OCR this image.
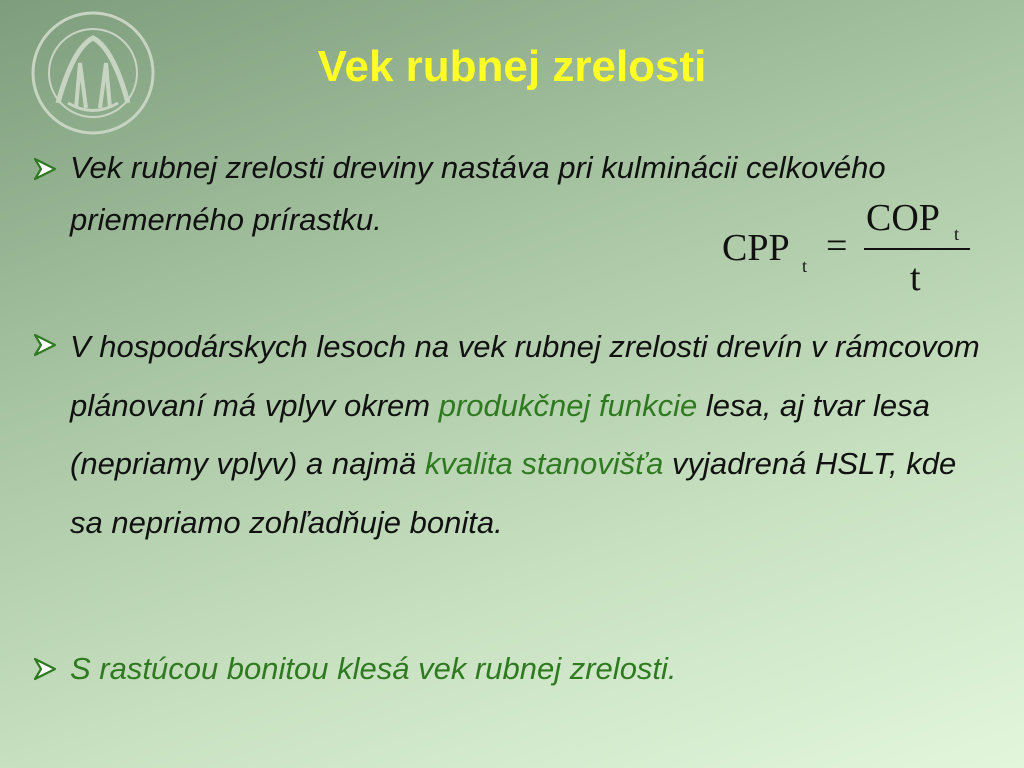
Vek rubnej zrelosti
Vek rubnej zrelosti dreviny nastáva pri kulminácii celkového priemerného prírastku.
CPP t =
COP t
t
V hospodárskych lesoch na vek rubnej zrelosti drevín v rámcovom plánovaní má vplyv okrem produkčnej funkcie lesa, aj tvar lesa (nepriamy vplyv) a najmä kvalita stanovišťa vyjadrená HSLT, kde sa nepriamo zohľadňuje bonita.
S rastúcou bonitou klesá vek rubnej zrelosti.
